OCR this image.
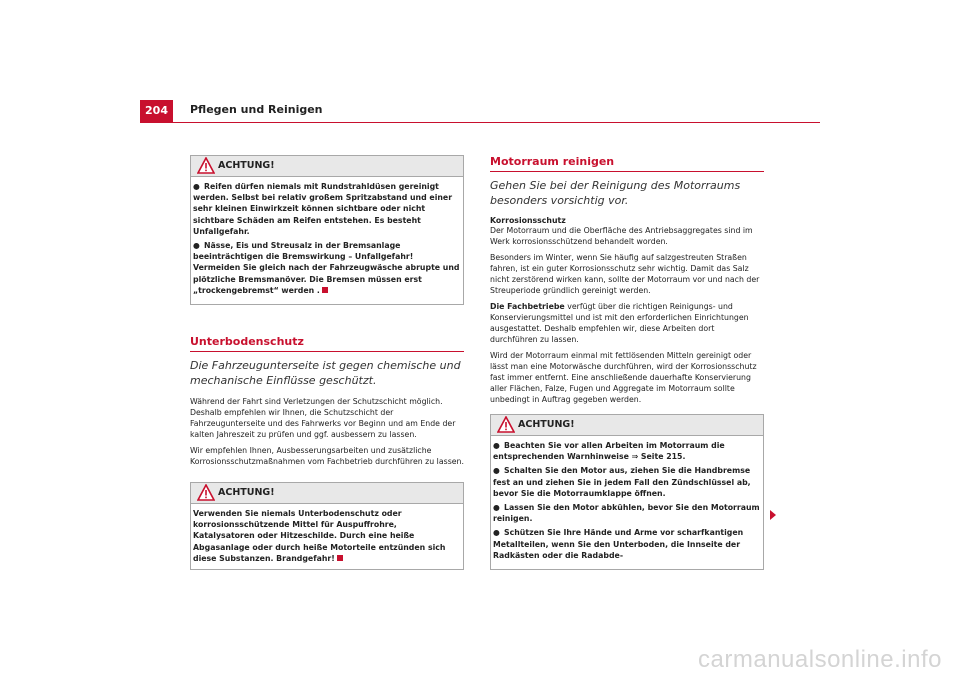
204	Pflegen und Reinigen
ACHTUNG!
● Reifen dürfen niemals mit Rundstrahldüsen gereinigt werden. Selbst bei relativ großem Spritzabstand und einer sehr kleinen Einwirkzeit können sichtbare oder nicht sichtbare Schäden am Reifen entstehen. Es besteht Unfallgefahr.
● Nässe, Eis und Streusalz in der Bremsanlage beeinträchtigen die Bremswirkung – Unfallgefahr! Vermeiden Sie gleich nach der Fahrzeugwäsche abrupte und plötzliche Bremsmanöver. Die Bremsen müssen erst „trockengebremst“ werden .
Unterbodenschutz
Die Fahrzeugunterseite ist gegen chemische und mechanische Einflüsse geschützt.

Während der Fahrt sind Verletzungen der Schutzschicht möglich. Deshalb empfehlen wir Ihnen, die Schutzschicht der Fahrzeugunterseite und des Fahrwerks vor Beginn und am Ende der kalten Jahreszeit zu prüfen und ggf. ausbessern zu lassen.

Wir empfehlen Ihnen, Ausbesserungsarbeiten und zusätzliche Korrosionsschutzmaßnahmen vom Fachbetrieb durchführen zu lassen.

ACHTUNG!
Verwenden Sie niemals Unterbodenschutz oder korrosionsschützende Mittel für Auspuffrohre, Katalysatoren oder Hitzeschilde. Durch eine heiße Abgasanlage oder durch heiße Motorteile entzünden sich diese Substanzen. Brandgefahr!
Motorraum reinigen
Gehen Sie bei der Reinigung des Motorraums besonders vorsichtig vor.
Korrosionsschutz

Der Motorraum und die Oberfläche des Antriebsaggregates sind im Werk korrosionsschützend behandelt worden.

Besonders im Winter, wenn Sie häufig auf salzgestreuten Straßen fahren, ist ein guter Korrosionsschutz sehr wichtig. Damit das Salz nicht zerstörend wirken kann, sollte der Motorraum vor und nach der Streuperiode gründlich gereinigt werden.

Die Fachbetriebe verfügt über die richtigen Reinigungs- und Konservierungsmittel und ist mit den erforderlichen Einrichtungen ausgestattet. Deshalb empfehlen wir, diese Arbeiten dort durchführen zu lassen.

Wird der Motorraum einmal mit fettlösenden Mitteln gereinigt oder lässt man eine Motorwäsche durchführen, wird der Korrosionsschutz fast immer entfernt. Eine anschließende dauerhafte Konservierung aller Flächen, Falze, Fugen und Aggregate im Motorraum sollte unbedingt in Auftrag gegeben werden.

ACHTUNG!
● Beachten Sie vor allen Arbeiten im Motorraum die entsprechenden Warnhinweise ⇒ Seite 215.
● Schalten Sie den Motor aus, ziehen Sie die Handbremse fest an und ziehen Sie in jedem Fall den Zündschlüssel ab, bevor Sie die Motorraumklappe öffnen.
● Lassen Sie den Motor abkühlen, bevor Sie den Motorraum reinigen.
● Schützen Sie Ihre Hände und Arme vor scharfkantigen Metallteilen, wenn Sie den Unterboden, die Innseite der Radkästen oder die Radabde-
carmanualsonline.info
